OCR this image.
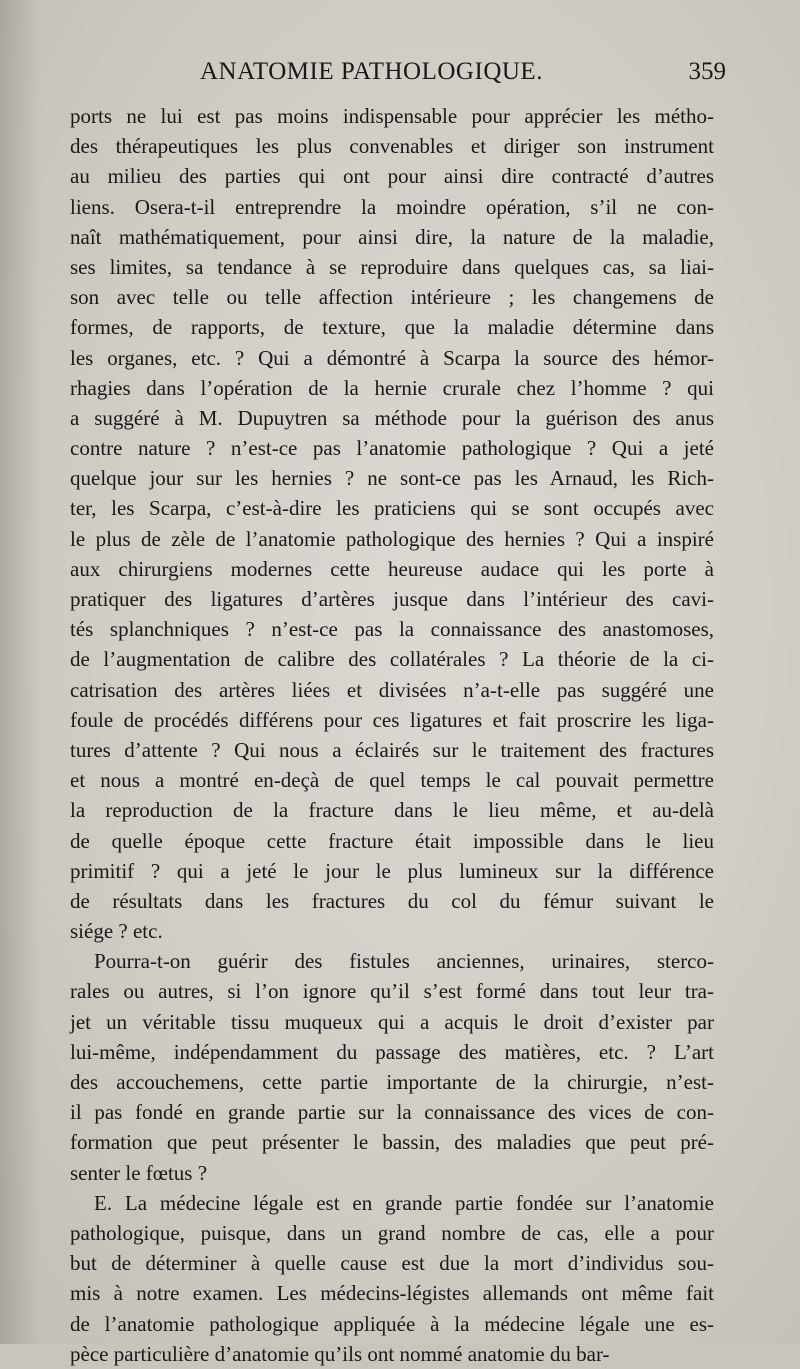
ANATOMIE PATHOLOGIQUE.	359
ports ne lui est pas moins indispensable pour apprécier les métho-
des thérapeutiques les plus convenables et diriger son instrument
au milieu des parties qui ont pour ainsi dire contracté d’autres
liens. Osera-t-il entreprendre la moindre opération, s’il ne con-
naît mathématiquement, pour ainsi dire, la nature de la maladie,
ses limites, sa tendance à se reproduire dans quelques cas, sa liai-
son avec telle ou telle affection intérieure ; les changemens de
formes, de rapports, de texture, que la maladie détermine dans
les organes, etc. ? Qui a démontré à Scarpa la source des hémor-
rhagies dans l’opération de la hernie crurale chez l’homme ? qui
a suggéré à M. Dupuytren sa méthode pour la guérison des anus
contre nature ? n’est-ce pas l’anatomie pathologique ? Qui a jeté
quelque jour sur les hernies ? ne sont-ce pas les Arnaud, les Rich-
ter, les Scarpa, c’est-à-dire les praticiens qui se sont occupés avec
le plus de zèle de l’anatomie pathologique des hernies ? Qui a inspiré
aux chirurgiens modernes cette heureuse audace qui les porte à
pratiquer des ligatures d’artères jusque dans l’intérieur des cavi-
tés splanchniques ? n’est-ce pas la connaissance des anastomoses,
de l’augmentation de calibre des collatérales ? La théorie de la ci-
catrisation des artères liées et divisées n’a-t-elle pas suggéré une
foule de procédés différens pour ces ligatures et fait proscrire les liga-
tures d’attente ? Qui nous a éclairés sur le traitement des fractures
et nous a montré en-deçà de quel temps le cal pouvait permettre
la reproduction de la fracture dans le lieu même, et au-delà
de quelle époque cette fracture était impossible dans le lieu
primitif ? qui a jeté le jour le plus lumineux sur la différence
de résultats dans les fractures du col du fémur suivant le
siége ? etc.
Pourra-t-on guérir des fistules anciennes, urinaires, sterco-
rales ou autres, si l’on ignore qu’il s’est formé dans tout leur tra-
jet un véritable tissu muqueux qui a acquis le droit d’exister par
lui-même, indépendamment du passage des matières, etc. ? L’art
des accouchemens, cette partie importante de la chirurgie, n’est-
il pas fondé en grande partie sur la connaissance des vices de con-
formation que peut présenter le bassin, des maladies que peut pré-
senter le fœtus ?
E. La médecine légale est en grande partie fondée sur l’anatomie
pathologique, puisque, dans un grand nombre de cas, elle a pour
but de déterminer à quelle cause est due la mort d’individus sou-
mis à notre examen. Les médecins-légistes allemands ont même fait
de l’anatomie pathologique appliquée à la médecine légale une es-
pèce particulière d’anatomie qu’ils ont nommé anatomie du bar-
